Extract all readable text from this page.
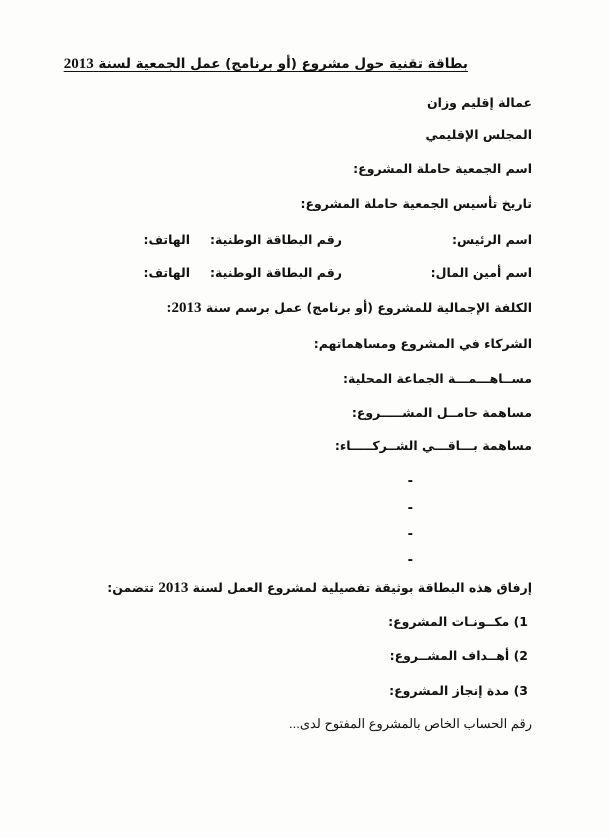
بطاقة تقنية حول مشروع (أو برنامج) عمل الجمعية لسنة 2013
عمالة إقليم وزان
المجلس الإقليمي
اسم الجمعية حاملة المشروع:
تاريخ تأسيس الجمعية حاملة المشروع:
اسم الرئيس:
رقم البطاقة الوطنية:
الهاتف:
اسم أمين المال:
رقم البطاقة الوطنية:
الهاتف:
الكلفة الإجمالية للمشروع (أو برنامج) عمل برسم سنة 2013:
الشركاء في المشروع ومساهماتهم:
مســاهـــمـــة الجماعة المحلية:
مساهمة حامــل المشـــــروع:
مساهمة بـــاقـــي الشــركـــــاء:
-
-
-
-
إرفاق هذه البطاقة بوثيقة تفصيلية لمشروع العمل لسنة 2013 تتضمن:
1) مكــونـات المشروع:
2) أهــداف المشــروع:
3) مدة إنجاز المشروع:
رقم الحساب الخاص بالمشروع المفتوح لدى...
